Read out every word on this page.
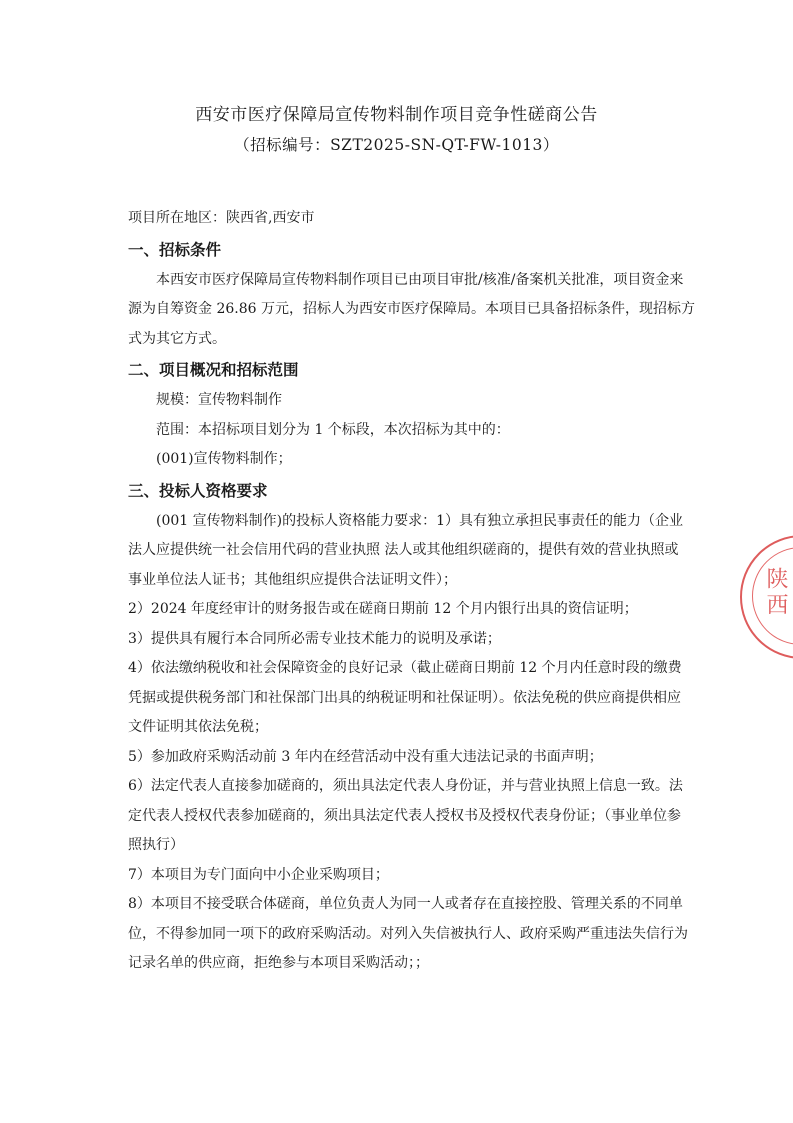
西安市医疗保障局宣传物料制作项目竞争性磋商公告
（招标编号：SZT2025-SN-QT-FW-1013）
项目所在地区：陕西省,西安市
一、招标条件
本西安市医疗保障局宣传物料制作项目已由项目审批/核准/备案机关批准，项目资金来
源为自筹资金 26.86 万元，招标人为西安市医疗保障局。本项目已具备招标条件，现招标方
式为其它方式。
二、项目概况和招标范围
规模：宣传物料制作
范围：本招标项目划分为 1 个标段，本次招标为其中的：
(001)宣传物料制作；
三、投标人资格要求
(001 宣传物料制作)的投标人资格能力要求：1）具有独立承担民事责任的能力（企业
法人应提供统一社会信用代码的营业执照 法人或其他组织磋商的，提供有效的营业执照或
事业单位法人证书；其他组织应提供合法证明文件）；
2）2024 年度经审计的财务报告或在磋商日期前 12 个月内银行出具的资信证明；
3）提供具有履行本合同所必需专业技术能力的说明及承诺；
4）依法缴纳税收和社会保障资金的良好记录（截止磋商日期前 12 个月内任意时段的缴费
凭据或提供税务部门和社保部门出具的纳税证明和社保证明）。依法免税的供应商提供相应
文件证明其依法免税；
5）参加政府采购活动前 3 年内在经营活动中没有重大违法记录的书面声明；
6）法定代表人直接参加磋商的，须出具法定代表人身份证，并与营业执照上信息一致。法
定代表人授权代表参加磋商的，须出具法定代表人授权书及授权代表身份证；（事业单位参
照执行）
7）本项目为专门面向中小企业采购项目；
8）本项目不接受联合体磋商，单位负责人为同一人或者存在直接控股、管理关系的不同单
位，不得参加同一项下的政府采购活动。对列入失信被执行人、政府采购严重违法失信行为
记录名单的供应商，拒绝参与本项目采购活动；；
陕西
